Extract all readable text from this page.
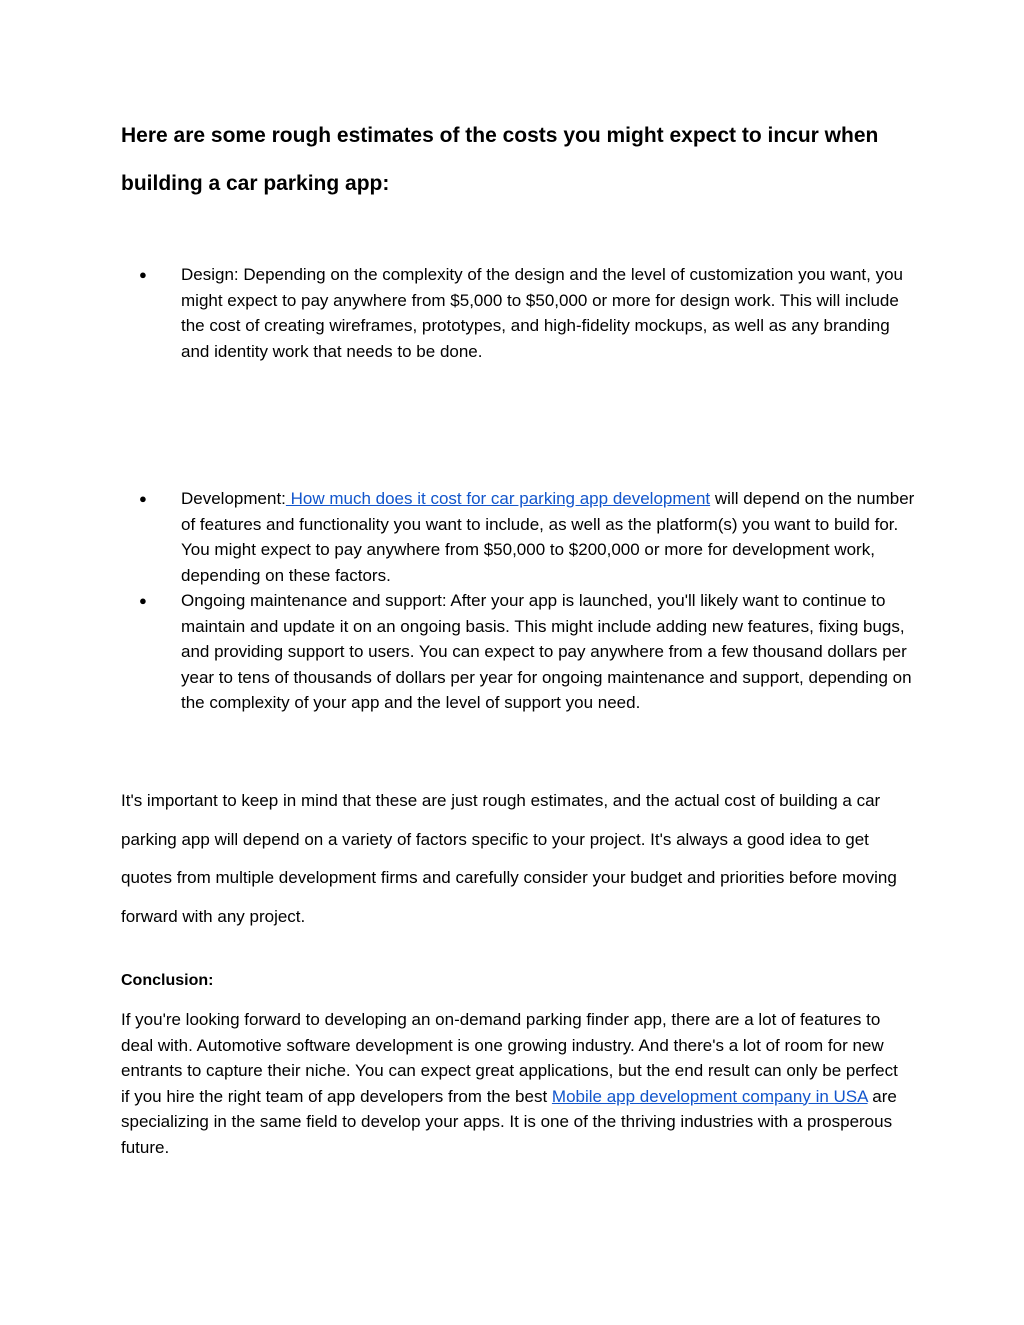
Here are some rough estimates of the costs you might expect to incur when building a car parking app:
●	Design: Depending on the complexity of the design and the level of customization you want, you might expect to pay anywhere from $5,000 to $50,000 or more for design work. This will include the cost of creating wireframes, prototypes, and high-fidelity mockups, as well as any branding and identity work that needs to be done.
●	Development: How much does it cost for car parking app development will depend on the number of features and functionality you want to include, as well as the platform(s) you want to build for. You might expect to pay anywhere from $50,000 to $200,000 or more for development work, depending on these factors.
●	Ongoing maintenance and support: After your app is launched, you'll likely want to continue to maintain and update it on an ongoing basis. This might include adding new features, fixing bugs, and providing support to users. You can expect to pay anywhere from a few thousand dollars per year to tens of thousands of dollars per year for ongoing maintenance and support, depending on the complexity of your app and the level of support you need.

It's important to keep in mind that these are just rough estimates, and the actual cost of building a car parking app will depend on a variety of factors specific to your project. It's always a good idea to get quotes from multiple development firms and carefully consider your budget and priorities before moving forward with any project.

Conclusion:

If you're looking forward to developing an on-demand parking finder app, there are a lot of features to deal with. Automotive software development is one growing industry. And there's a lot of room for new entrants to capture their niche. You can expect great applications, but the end result can only be perfect if you hire the right team of app developers from the best Mobile app development company in USA are specializing in the same field to develop your apps. It is one of the thriving industries with a prosperous future.
